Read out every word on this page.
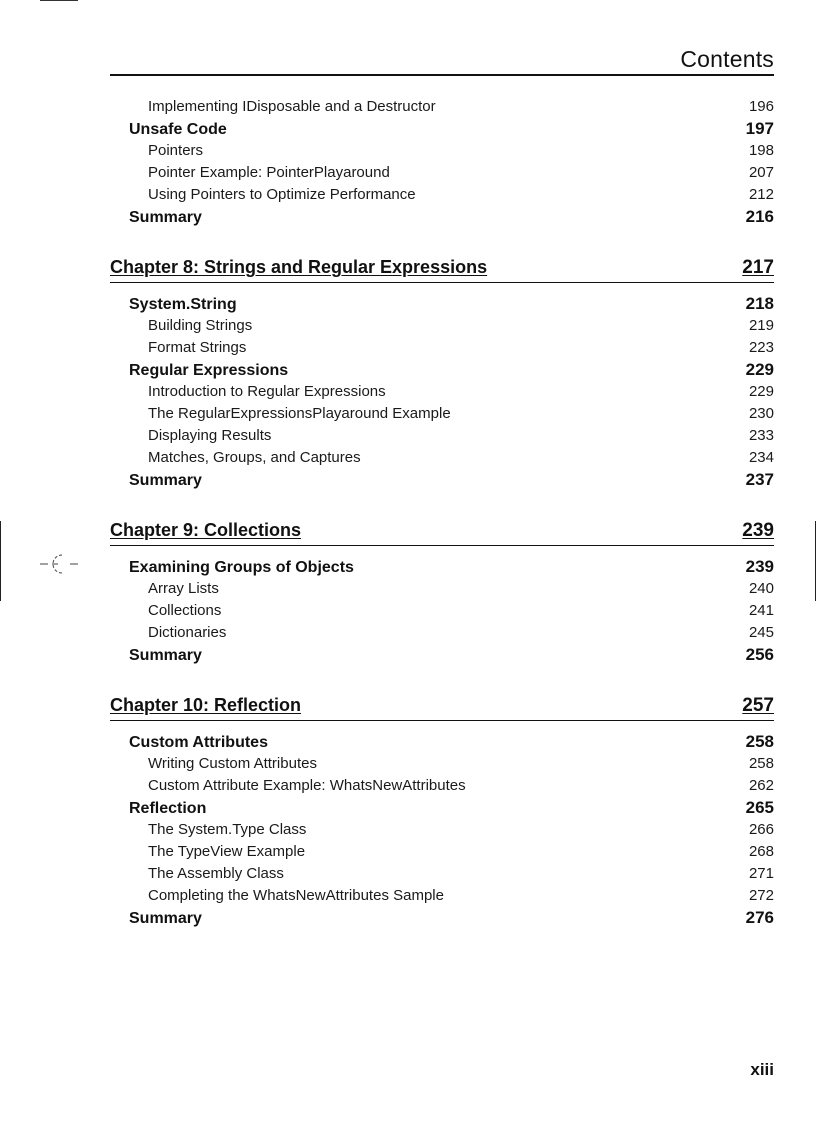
Contents
Implementing IDisposable and a Destructor	196
Unsafe Code	197
Pointers	198
Pointer Example: PointerPlayaround	207
Using Pointers to Optimize Performance	212
Summary	216
Chapter 8: Strings and Regular Expressions	217
System.String	218
Building Strings	219
Format Strings	223
Regular Expressions	229
Introduction to Regular Expressions	229
The RegularExpressionsPlayaround Example	230
Displaying Results	233
Matches, Groups, and Captures	234
Summary	237
Chapter 9: Collections	239
Examining Groups of Objects	239
Array Lists	240
Collections	241
Dictionaries	245
Summary	256
Chapter 10: Reflection	257
Custom Attributes	258
Writing Custom Attributes	258
Custom Attribute Example: WhatsNewAttributes	262
Reflection	265
The System.Type Class	266
The TypeView Example	268
The Assembly Class	271
Completing the WhatsNewAttributes Sample	272
Summary	276
xiii
